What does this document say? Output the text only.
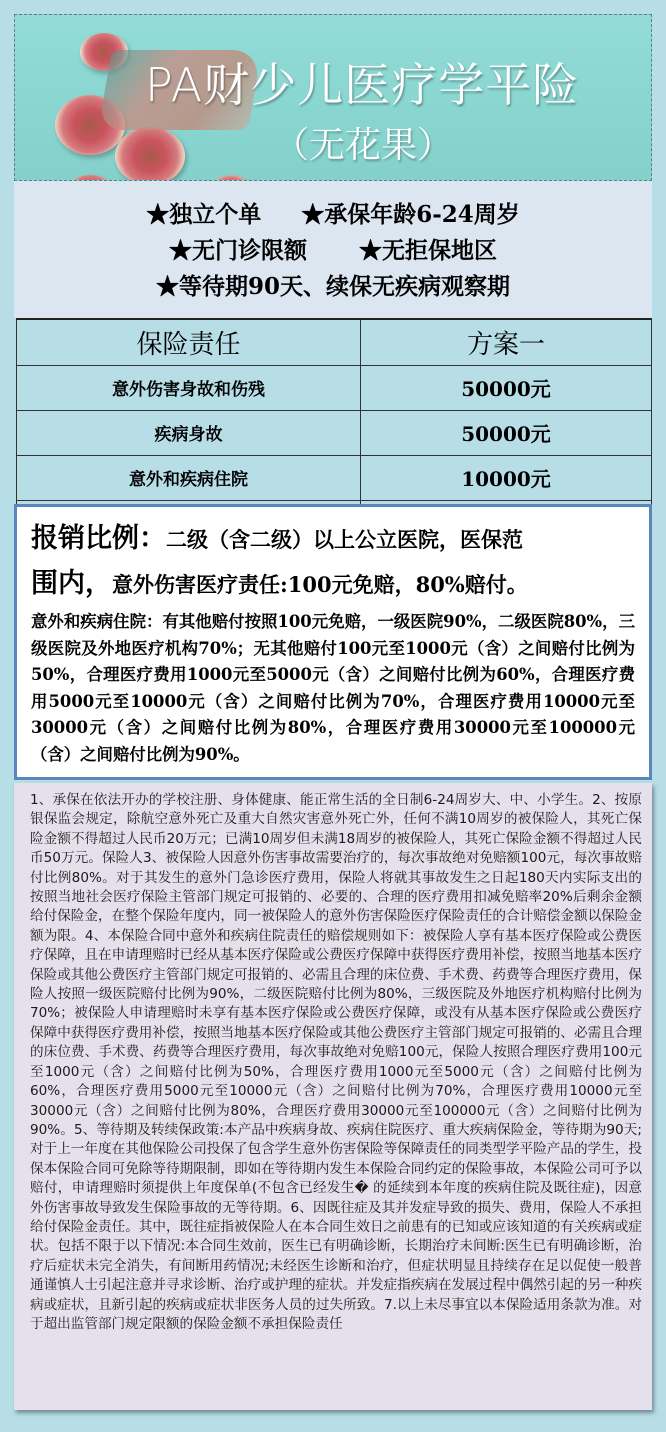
PA财少儿医疗学平险
（无花果）
★独立个单 ★承保年龄6-24周岁
★无门诊限额 ★无拒保地区
★等待期90天、续保无疾病观察期
保险责任	方案一
意外伤害身故和伤残	50000元
疾病身故	50000元
意外和疾病住院	10000元

报销比例：二级（含二级）以上公立医院，医保范
围内，意外伤害医疗责任:100元免赔，80%赔付。
意外和疾病住院：有其他赔付按照100元免赔，一级医院90%，二级医院80%，三级医院及外地医疗机构70%；无其他赔付100元至1000元（含）之间赔付比例为50%，合理医疗费用1000元至5000元（含）之间赔付比例为60%，合理医疗费用5000元至10000元（含）之间赔付比例为70%，合理医疗费用10000元至30000元（含）之间赔付比例为80%，合理医疗费用30000元至100000元（含）之间赔付比例为90%。
1、承保在依法开办的学校注册、身体健康、能正常生活的全日制6-24周岁大、中、小学生。2、按原银保监会规定，除航空意外死亡及重大自然灾害意外死亡外，任何不满10周岁的被保险人，其死亡保险金额不得超过人民币20万元；已满10周岁但未满18周岁的被保险人，其死亡保险金额不得超过人民币50万元。保险人3、被保险人因意外伤害事故需要治疗的，每次事故绝对免赔额100元，每次事故赔付比例80%。对于其发生的意外门急诊医疗费用，保险人将就其事故发生之日起180天内实际支出的按照当地社会医疗保险主管部门规定可报销的、必要的、合理的医疗费用扣减免赔率20%后剩余金额给付保险金，在整个保险年度内，同一被保险人的意外伤害保险医疗保险责任的合计赔偿金额以保险金额为限。4、本保险合同中意外和疾病住院责任的赔偿规则如下：被保险人享有基本医疗保险或公费医疗保障，且在申请理赔时已经从基本医疗保险或公费医疗保障中获得医疗费用补偿，按照当地基本医疗保险或其他公费医疗主管部门规定可报销的、必需且合理的床位费、手术费、药费等合理医疗费用，保险人按照一级医院赔付比例为90%，二级医院赔付比例为80%，三级医院及外地医疗机构赔付比例为70%；被保险人申请理赔时未享有基本医疗保险或公费医疗保障，或没有从基本医疗保险或公费医疗保障中获得医疗费用补偿，按照当地基本医疗保险或其他公费医疗主管部门规定可报销的、必需且合理的床位费、手术费、药费等合理医疗费用，每次事故绝对免赔100元，保险人按照合理医疗费用100元至1000元（含）之间赔付比例为50%，合理医疗费用1000元至5000元（含）之间赔付比例为60%，合理医疗费用5000元至10000元（含）之间赔付比例为70%，合理医疗费用10000元至30000元（含）之间赔付比例为80%，合理医疗费用30000元至100000元（含）之间赔付比例为90%。5、等待期及转续保政策:本产品中疾病身故、疾病住院医疗、重大疾病保险金，等待期为90天;对于上一年度在其他保险公司投保了包含学生意外伤害保险等保障责任的同类型学平险产品的学生，投保本保险合同可免除等待期限制，即如在等待期内发生本保险合同约定的保险事故，本保险公司可予以赔付，申请理赔时须提供上年度保单(不包含已经发生� 的延续到本年度的疾病住院及既往症)，因意外伤害事故导致发生保险事故的无等待期。6、因既往症及其并发症导致的损失、费用，保险人不承担给付保险金责任。其中，既往症指被保险人在本合同生效日之前患有的已知或应该知道的有关疾病或症状。包括不限于以下情况:本合同生效前，医生已有明确诊断，长期治疗未间断:医生已有明确诊断，治疗后症状未完全消失，有间断用药情况;未经医生诊断和治疗，但症状明显且持续存在足以促使一般普通谨慎人士引起注意并寻求诊断、治疗或护理的症状。并发症指疾病在发展过程中偶然引起的另一种疾病或症状，且新引起的疾病或症状非医务人员的过失所致。7.以上未尽事宜以本保险适用条款为准。对于超出监管部门规定限额的保险金额不承担保险责任
